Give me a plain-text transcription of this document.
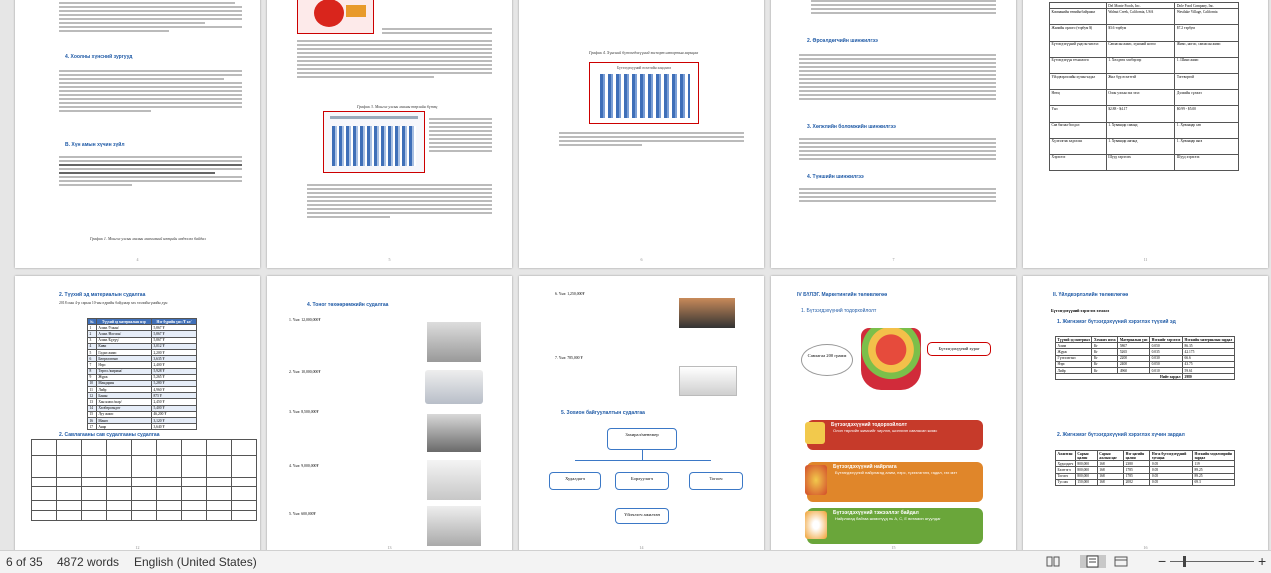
4. Хоолны хүнсний зургууд
В. Хүн амын хүчин зүйл
График 1. Монгол улсын малын махчихний нөөцийн мэдээлэл байдал
4
График 3. Монгол улсын махны төрлийн бүтэц
5
График 4. Хүнсний бүтээгдэхүүний экспорт импортын харьцаа
Бүтээгдэхүүний өсөлтийн хандлага
6
2. Өрсөлдөгчийн шинжилгээ
3. Хөгжлийн боломжийн шинжилгээ
4. Түншийн шинжилгээ
7
	Del Monte Foods, Inc.	Dole Food Company, Inc.
Компанийн төвийн байршил	Walnut Creek, California, USA	Westlake Village, California
Жилийн орлого (тэрбум $)	$3.6 тэрбум	$7.2 тэрбум
Бүтээгдэхүүний үндсэн чиглэл	Савласан жимс, хүнсний ногоо	Жимс, ногоо, савласан жимс
Бүтээгдэхүүн технологи	1. Хөлдөөх хэлбэрээр	1. Шинэ жимс
Үйлдвэрлэлийн хүчин чадал	Жил бүр өсөлттэй	Тогтвортой
Нөөц	Олон улсын зах зээл	Дэлхийн сүлжээ
Үнэ	$2.88 - $4.17	$0.99 - $5.00
Сав баглаа боодол	1. Хуванцар саванд	1. Хуванцар сав
Хүлээлгэж хадгалах	1. Хуванцар аяганд	1. Хуванцар аяга
Хэрэглээ	Шууд хэрэглэх	Шууд хэрэглэх
11
2. Түүхий эд материалын судалгаа
2018 оны 4-р сарын 10-ны өдрийн байдлаар зах зээлийн үнийн дүн
№	Түүхий эд материалын нэр	Нэг бүрийн үнэ /₮ кг/
1	Алим /Улаан/	5,867 ₮
2	Алим /Ногоон/	5,867 ₮
3	Алим /Бүдүү/	5,867 ₮
4	Киви	3,012 ₮
5	Гадил жимс	2,200 ₮
6	Бөөрөлзгөнө	3,635 ₮
7	Нэрс	2,400 ₮
8	Төрөл /жирмаа/	5,928 ₮
9	Жүрж	5,265 ₮
10	Мандарин	5,280 ₮
11	Лийр	4,960 ₮
12	Банан	875 ₮
13	Хан ялам /шар/	2,450 ₮
14	Хөлбөрсөндөг	5,400 ₮
15	Луу жимс	46,200 ₮
16	Манго	3,120 ₮
17	Анар	3,640 ₮
2. Савлагааны сав судалгааны судалгаа

12
4. Тоног төхөөрөмжийн судалгаа
1. Үнэ: 12,000,000₮
2. Үнэ: 10,000,000₮
3. Үнэ: 8,500,000₮
4. Үнэ: 9,000,000₮
5. Үнэ: 600,000₮
13
6. Үнэ: 1,250,000₮
7. Үнэ: 785,000 ₮
5. Зохион байгуулалтын судалгаа
Захирал/менежер
Худалдагч	Борлуулагч	Тогооч
Үйлчлэгч ажилтан
14
IV БҮЛЭГ. Маркетингийн төлөвлөгөө
1. Бүтээгдэхүүний тодорхойлолт
Савлагаа 200 грамм
Бүтээгдэхүүний хураг
Бүтээгдэхүүний тодорхойлолт
Олон төрлийн жимсийг чирлэн, шинэхэн савласан жимс
Бүтээгдэхүүний найрлага
Бүтээгдэхүүний найрлагад алим, нэрс, гүзээлзгэнэ, гадил, гэх мэт
Бүтээгдэхүүний тэжээллэг байдал
Найрлагад байгаа жимснүүд нь А, С, Е витамин агуулдаг
15
II. Үйлдвэрлэлийн төлөвлөгөө
Бүтээгдэхүүний хэрэглэх хэмжээ
1. Жигнэмэг бүтээгдэхүүний хэрэглэх түүхий эд
Түүхий эд материал	Хэмжих нэгж	Материалын үнэ	Нэгжийг хэрэглэх	Нэгжийн материалын зардал
Алим	Кг	5867	0.050	86.35
Жүрж	Кг	5265	0.035	42.175
Гүзээлзгэнэ	Кг	2200	0.030	66.6
Нэрс	Кг	2400	0.050	43.75
Лийр	Кг	4960	0.010	59.61
Нийт зардал				2980
2. Жигнэмэг бүтээгдэхүүний хэрэглэх хүчин зардал
Ажилтан	Сарын цалин	Сарын ажлын цаг	Нэг цагийн цалин	Нэгж бүтээгдэхүүний хугацаа	Нэгжийн хөдөлмөрийн зардал
Худалдагч	800,000	168	2380	0.05	119
Бэлтгэгч	800,000	168	1785	0.05	89.25
Тогооч	800,000	168	1785	0.05	89.25
Туслах	150,000	168	2082	0.05	69.3
16
6 of 35 4872 words English (United States)	−	+
